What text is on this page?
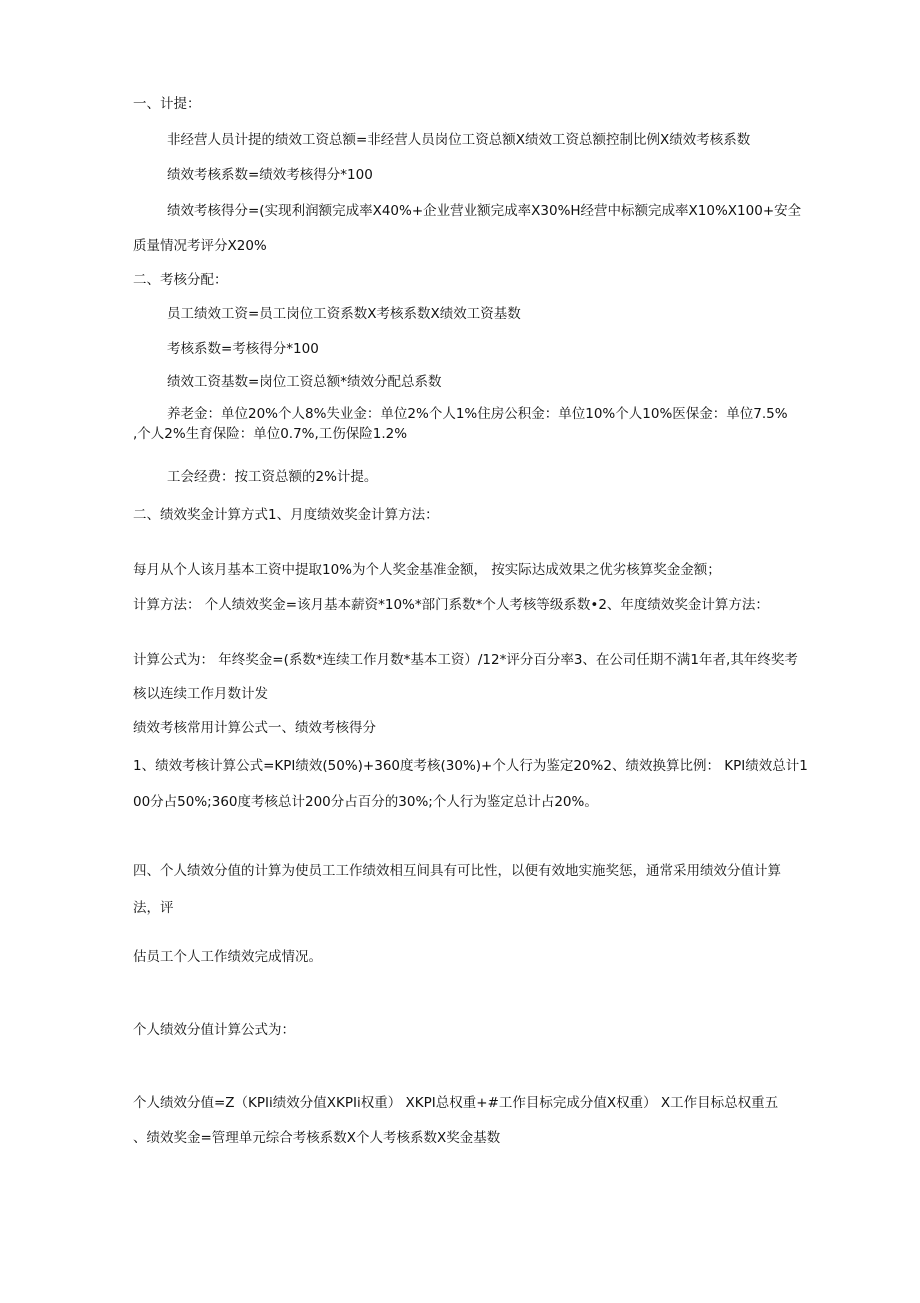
一、计提：
非经营人员计提的绩效工资总额=非经营人员岗位工资总额X绩效工资总额控制比例X绩效考核系数
绩效考核系数=绩效考核得分*100
绩效考核得分=(实现利润额完成率X40%+企业营业额完成率X30%H经营中标额完成率X10%X100+安全
质量情况考评分X20%
二、考核分配：
员工绩效工资=员工岗位工资系数X考核系数X绩效工资基数
考核系数=考核得分*100
绩效工资基数=岗位工资总额*绩效分配总系数
养老金：单位20%个人8%失业金：单位2%个人1%住房公积金：单位10%个人10%医保金：单位7.5%
,个人2%生育保险：单位0.7%,工伤保险1.2%
工会经费：按工资总额的2%计提。
二、绩效奖金计算方式1、月度绩效奖金计算方法：
每月从个人该月基本工资中提取10%为个人奖金基准金额， 按实际达成效果之优劣核算奖金金额；
计算方法： 个人绩效奖金=该月基本薪资*10%*部门系数*个人考核等级系数•2、年度绩效奖金计算方法：
计算公式为： 年终奖金=(系数*连续工作月数*基本工资）/12*评分百分率3、在公司任期不满1年者,其年终奖考
核以连续工作月数计发
绩效考核常用计算公式一、绩效考核得分
1、绩效考核计算公式=KPI绩效(50%)+360度考核(30%)+个人行为鉴定20%2、绩效换算比例： KPI绩效总计1
00分占50%;360度考核总计200分占百分的30%;个人行为鉴定总计占20%。
四、个人绩效分值的计算为使员工工作绩效相互间具有可比性，以便有效地实施奖惩，通常采用绩效分值计算
法，评
估员工个人工作绩效完成情况。
个人绩效分值计算公式为：
个人绩效分值=Z（KPIi绩效分值XKPIi权重） XKPI总权重+#工作目标完成分值X权重） X工作目标总权重五
、绩效奖金=管理单元综合考核系数X个人考核系数X奖金基数
